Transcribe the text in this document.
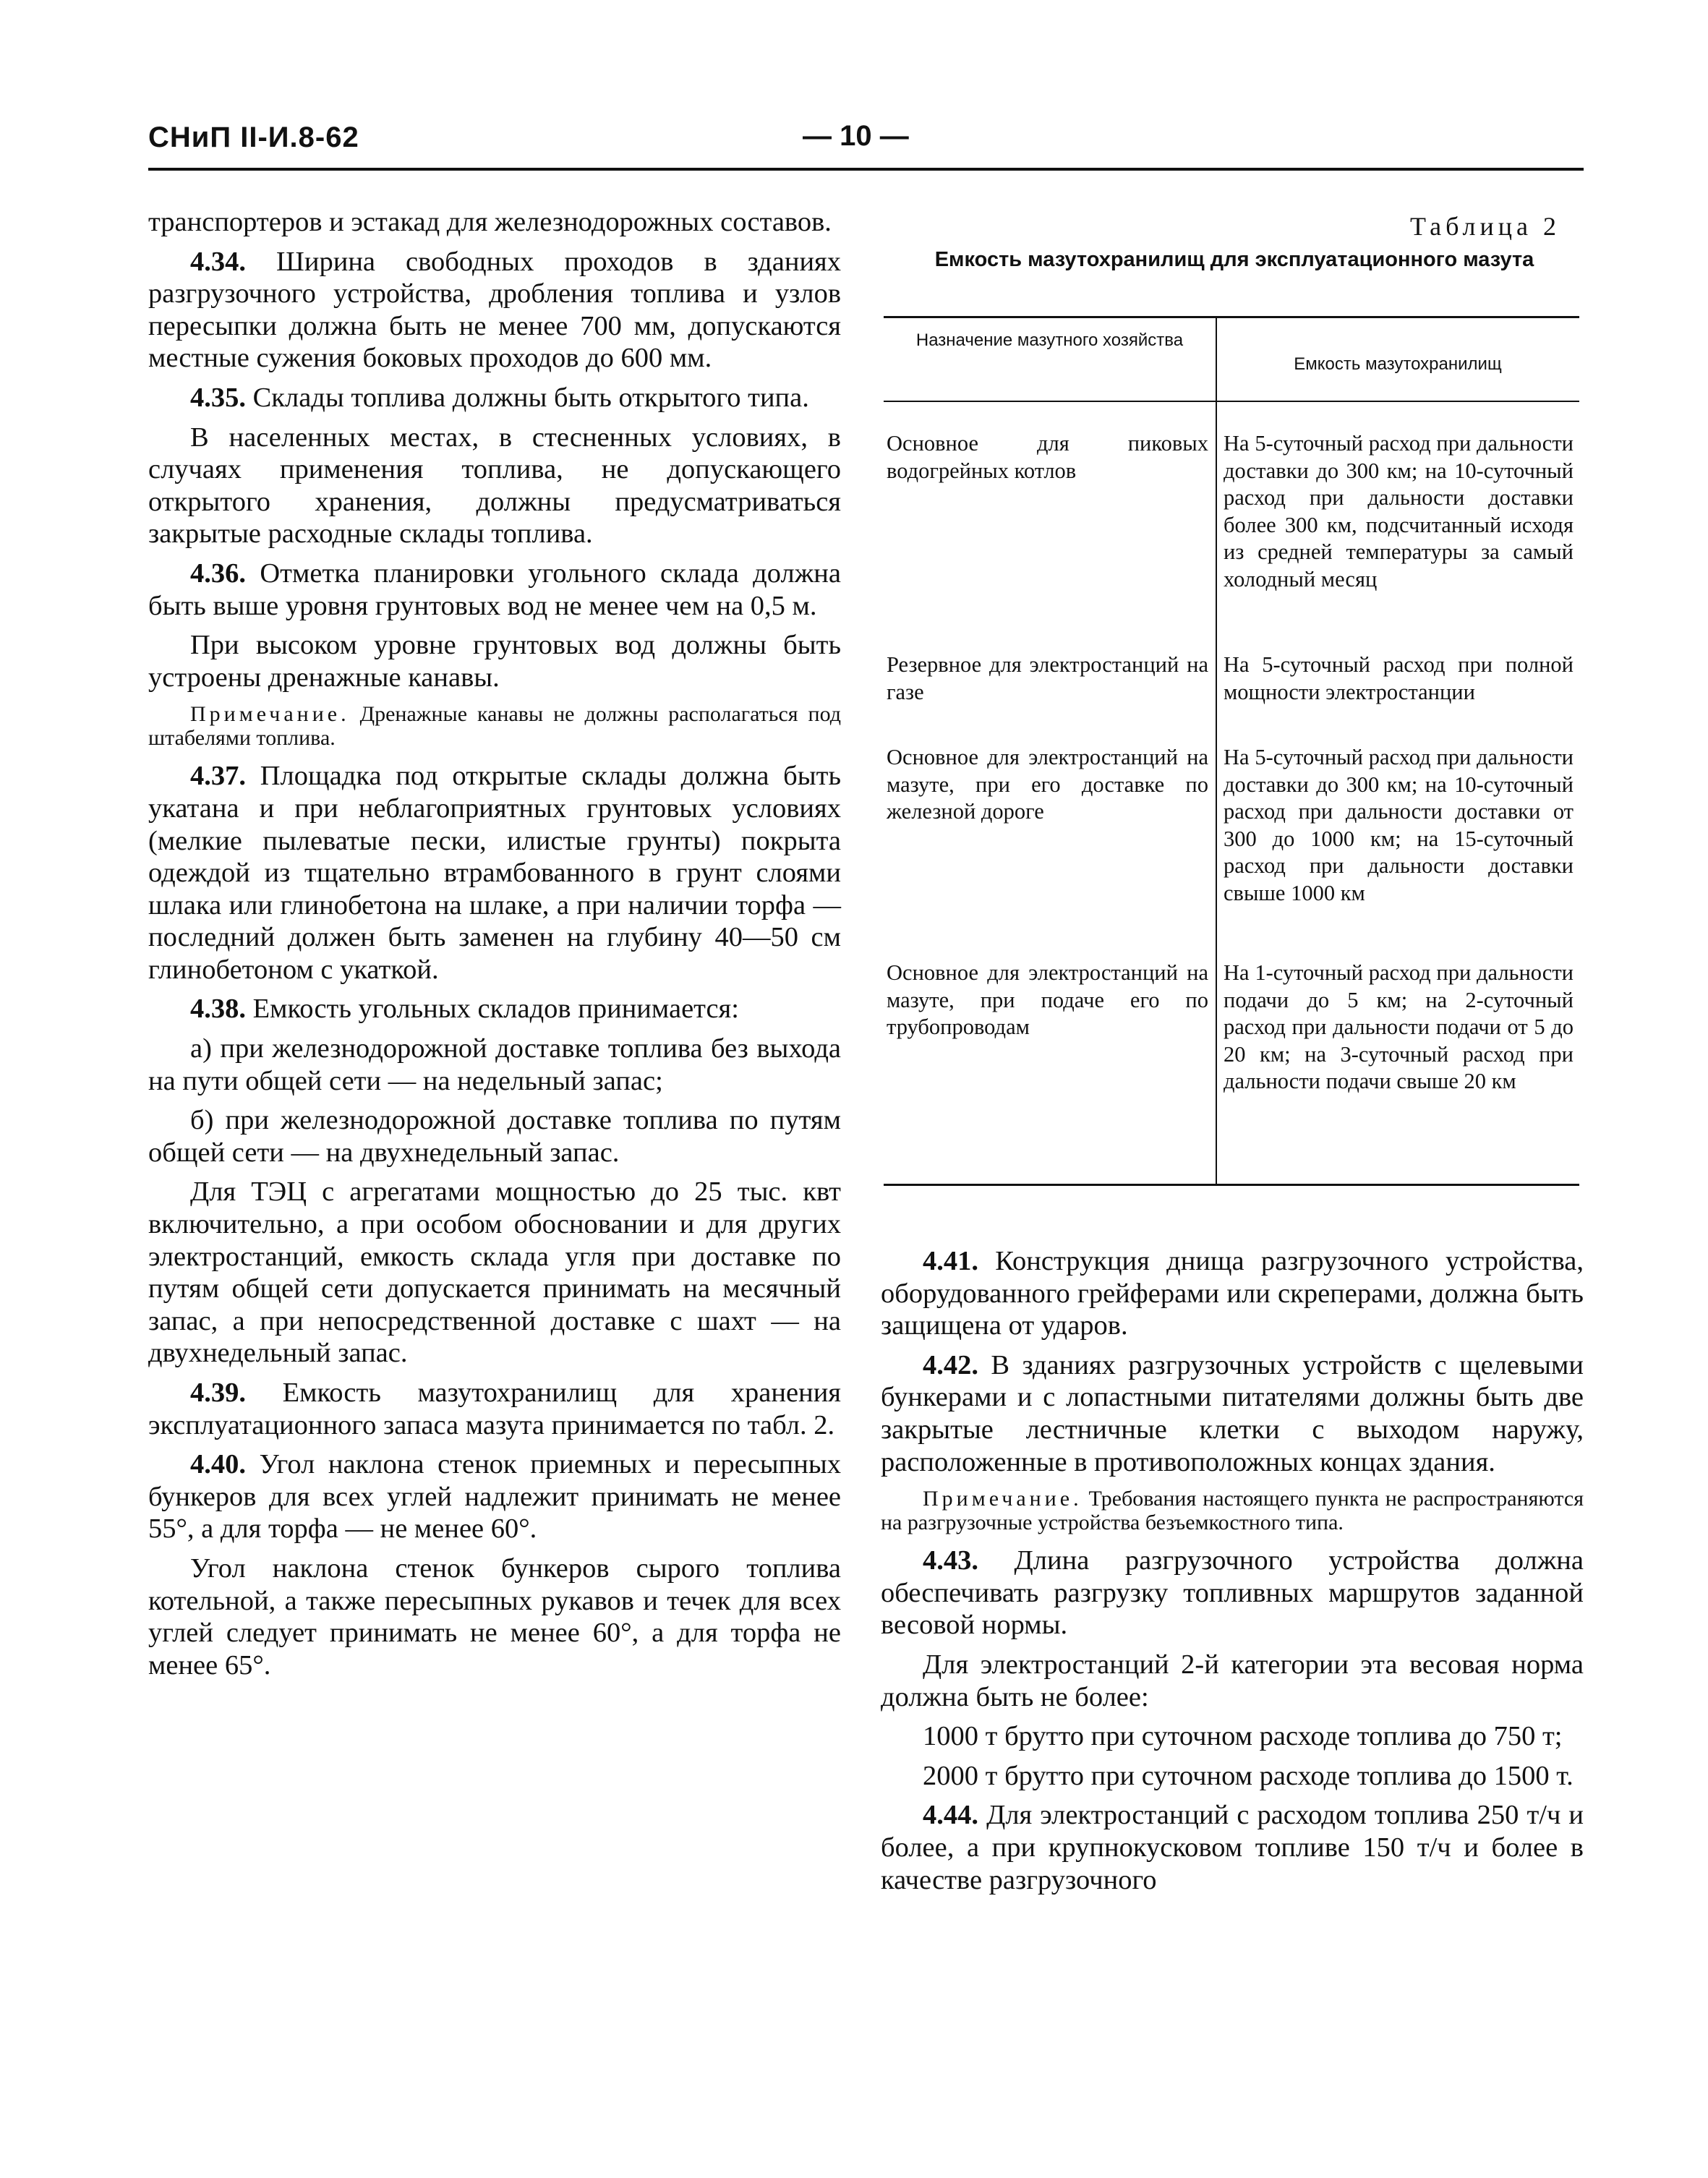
СНиП II-И.8-62	— 10 —

транспортеров и эстакад для железнодорожных составов.

4.34. Ширина свободных проходов в зданиях разгрузочного устройства, дробления топлива и узлов пересыпки должна быть не менее 700 мм, допускаются местные сужения боковых проходов до 600 мм.

4.35. Склады топлива должны быть открытого типа.

В населенных местах, в стесненных условиях, в случаях применения топлива, не допускающего открытого хранения, должны предусматриваться закрытые расходные склады топлива.

4.36. Отметка планировки угольного склада должна быть выше уровня грунтовых вод не менее чем на 0,5 м.

При высоком уровне грунтовых вод должны быть устроены дренажные канавы.

Примечание. Дренажные канавы не должны располагаться под штабелями топлива.

4.37. Площадка под открытые склады должна быть укатана и при неблагоприятных грунтовых условиях (мелкие пылеватые пески, илистые грунты) покрыта одеждой из тщательно втрамбованного в грунт слоями шлака или глинобетона на шлаке, а при наличии торфа — последний должен быть заменен на глубину 40—50 см глинобетоном с укаткой.

4.38. Емкость угольных складов принимается:

а) при железнодорожной доставке топлива без выхода на пути общей сети — на недельный запас;

б) при железнодорожной доставке топлива по путям общей сети — на двухнедельный запас.

Для ТЭЦ с агрегатами мощностью до 25 тыс. квт включительно, а при особом обосновании и для других электростанций, емкость склада угля при доставке по путям общей сети допускается принимать на месячный запас, а при непосредственной доставке с шахт — на двухнедельный запас.

4.39. Емкость мазутохранилищ для хранения эксплуатационного запаса мазута принимается по табл. 2.

4.40. Угол наклона стенок приемных и пересыпных бункеров для всех углей надлежит принимать не менее 55°, а для торфа — не менее 60°.

Угол наклона стенок бункеров сырого топлива котельной, а также пересыпных рукавов и течек для всех углей следует принимать не менее 60°, а для торфа не менее 65°.

Таблица 2
Емкость мазутохранилищ для эксплуатационного мазута
Назначение мазутного хозяйства
Емкость мазутохранилищ
Основное для пиковых водогрейных котлов
На 5-суточный расход при дальности доставки до 300 км; на 10-суточный расход при дальности доставки более 300 км, подсчитанный исходя из средней температуры за самый холодный месяц
Резервное для электростанций на газе
На 5-суточный расход при полной мощности электростанции
Основное для электростанций на мазуте, при его доставке по железной дороге
На 5-суточный расход при дальности доставки до 300 км; на 10-суточный расход при дальности доставки от 300 до 1000 км; на 15-суточный расход при дальности доставки свыше 1000 км
Основное для электростанций на мазуте, при подаче его по трубопроводам
На 1-суточный расход при дальности подачи до 5 км; на 2-суточный расход при дальности подачи от 5 до 20 км; на 3-суточный расход при дальности подачи свыше 20 км

4.41. Конструкция днища разгрузочного устройства, оборудованного грейферами или скреперами, должна быть защищена от ударов.

4.42. В зданиях разгрузочных устройств с щелевыми бункерами и с лопастными питателями должны быть две закрытые лестничные клетки с выходом наружу, расположенные в противоположных концах здания.

Примечание. Требования настоящего пункта не распространяются на разгрузочные устройства безъемкостного типа.

4.43. Длина разгрузочного устройства должна обеспечивать разгрузку топливных маршрутов заданной весовой нормы.

Для электростанций 2-й категории эта весовая норма должна быть не более:

1000 т брутто при суточном расходе топлива до 750 т;

2000 т брутто при суточном расходе топлива до 1500 т.

4.44. Для электростанций с расходом топлива 250 т/ч и более, а при крупнокусковом топливе 150 т/ч и более в качестве разгрузочного
